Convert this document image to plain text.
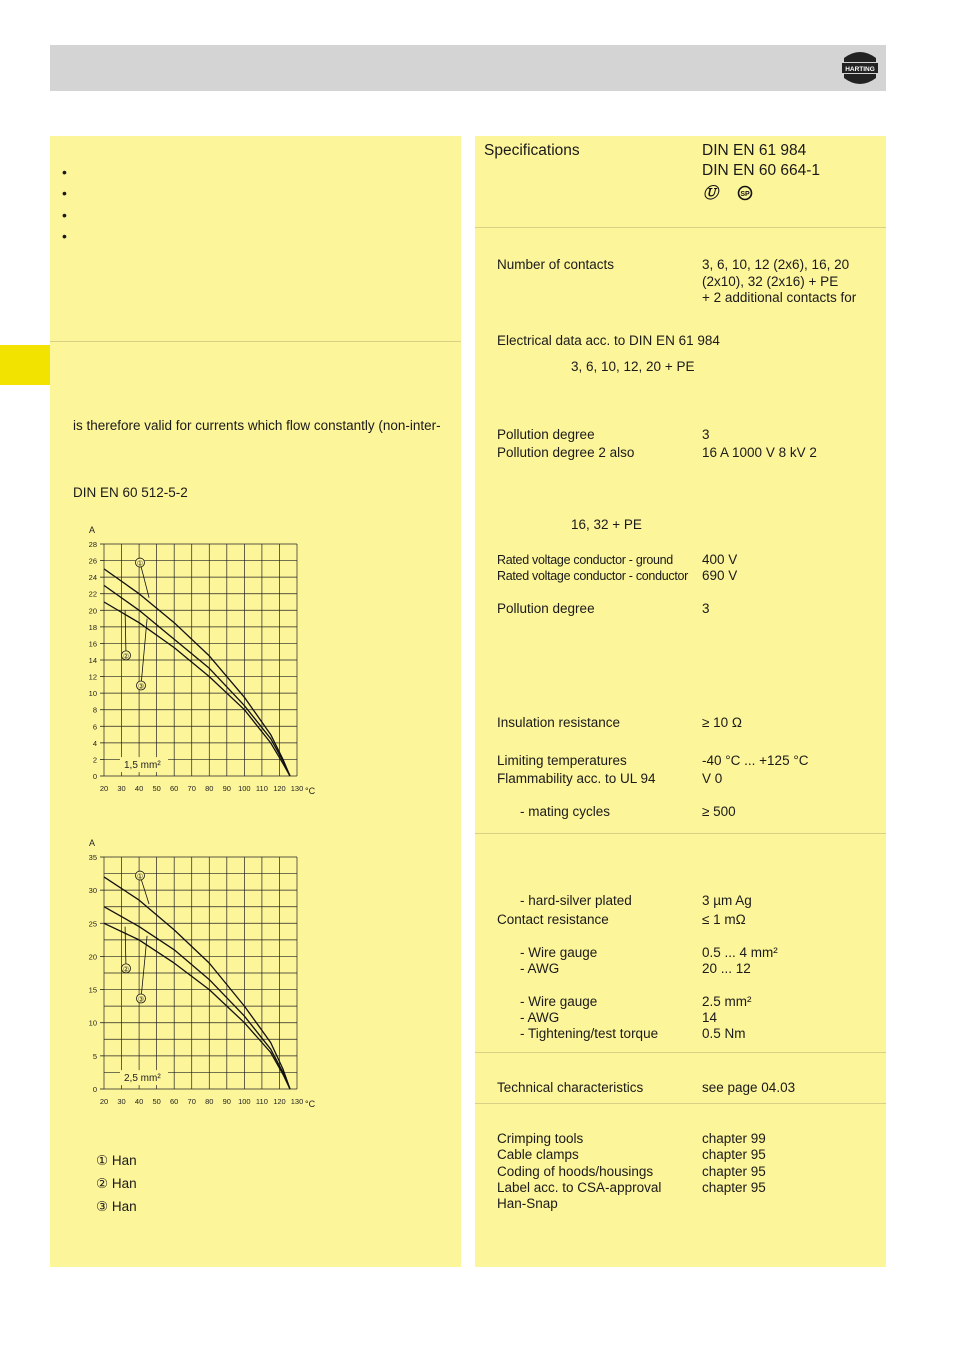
HARTING
•
•
•
•
is therefore valid for currents which flow constantly (non-inter-
DIN EN 60 512-5-2
20 30 40 50 60 70 80 90 100 110 120 130
0
2
4
6
8
10
12
14
16
18
20
22
24
26
28
A
°C
1,5 mm²
①
②
③
20 30 40 50 60 70 80 90 100 110 120 130
0
5
10
15
20
25
30
35
A
°C
2,5 mm²
①
②
③
① Han
② Han
③ Han
Specifications	DIN EN 61 984
DIN EN 60 664-1
Ⓤ	SP
Number of contacts	3, 6, 10, 12 (2x6), 16, 20
(2x10), 32 (2x16) + PE
+ 2 additional contacts for
Electrical data acc. to DIN EN 61 984
3, 6, 10, 12, 20 + PE
Pollution degree	3
Pollution degree 2 also	16 A 1000 V 8 kV 2
16, 32 + PE
Rated voltage conductor - ground 400 V
Rated voltage conductor - conductor 690 V
Pollution degree	3
Insulation resistance	≥ 10 Ω
Limiting temperatures	-40 °C ... +125 °C
Flammability acc. to UL 94	V 0
- mating cycles	≥ 500
- hard-silver plated	3 µm Ag
Contact resistance	≤ 1 mΩ
- Wire gauge	0.5 ... 4 mm²
- AWG	20 ... 12
- Wire gauge	2.5 mm²
- AWG	14
- Tightening/test torque	0.5 Nm
Technical characteristics	see page 04.03
Crimping tools	chapter 99
Cable clamps	chapter 95
Coding of hoods/housings	chapter 95
Label acc. to CSA-approval	chapter 95
Han-Snap
